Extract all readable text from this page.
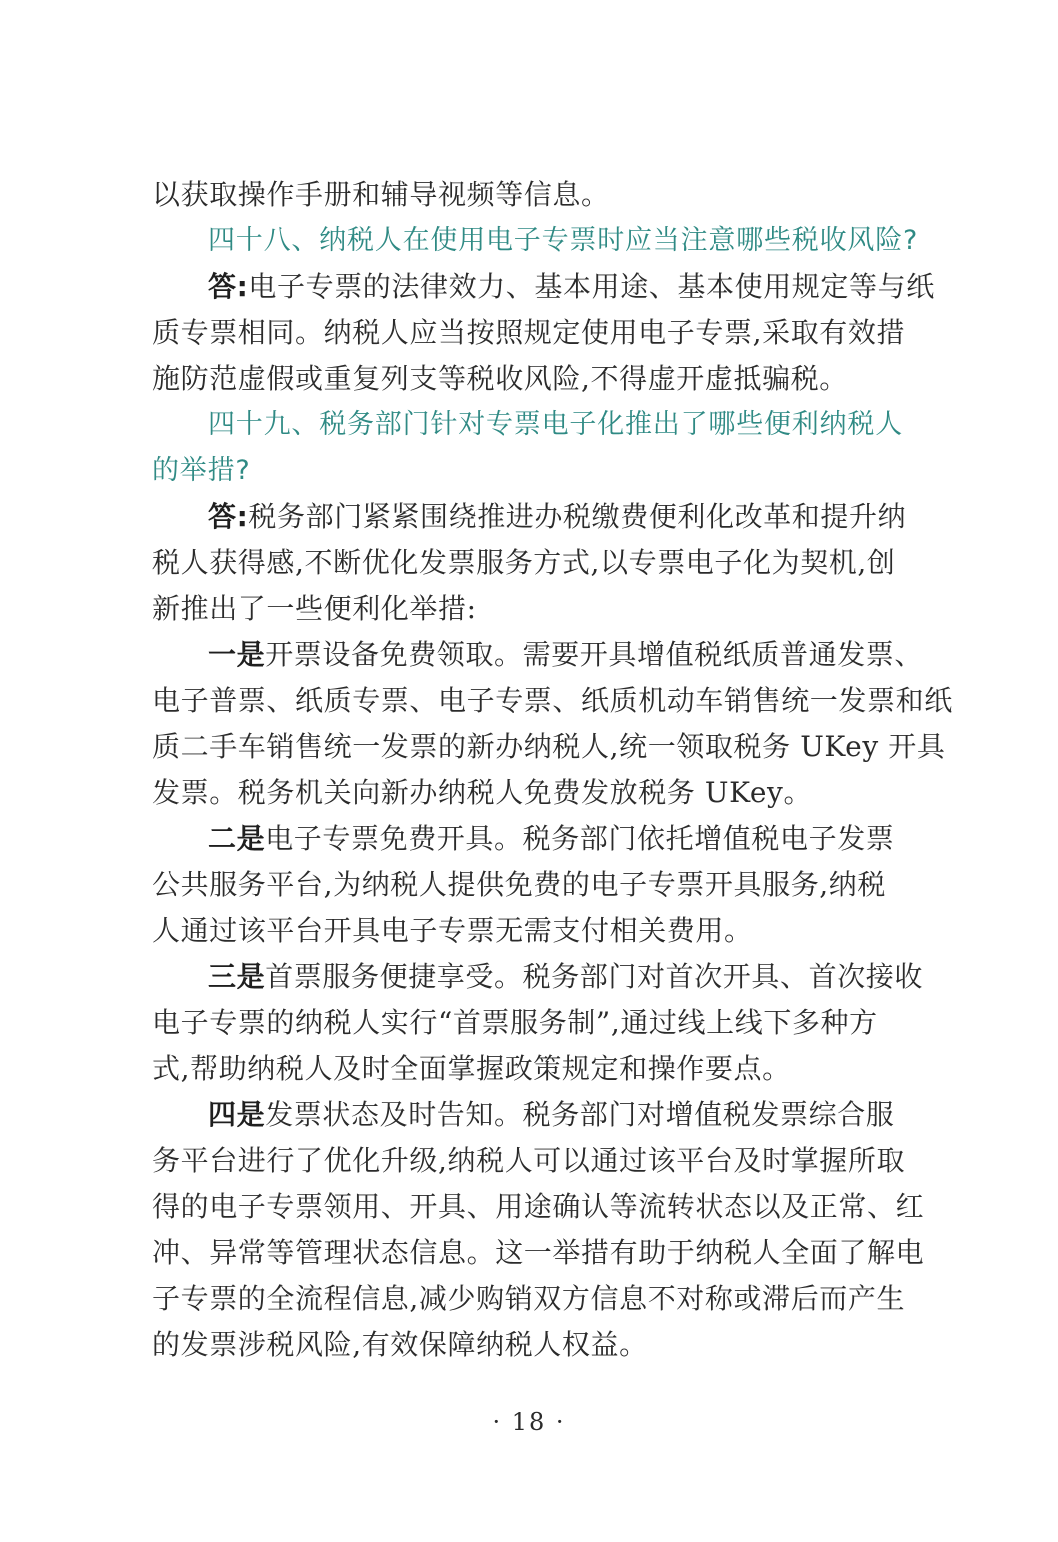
以获取操作手册和辅导视频等信息。
四十八、纳税人在使用电子专票时应当注意哪些税收风险?
答:电子专票的法律效力、基本用途、基本使用规定等与纸
质专票相同。纳税人应当按照规定使用电子专票,采取有效措
施防范虚假或重复列支等税收风险,不得虚开虚抵骗税。
四十九、税务部门针对专票电子化推出了哪些便利纳税人
的举措?
答:税务部门紧紧围绕推进办税缴费便利化改革和提升纳
税人获得感,不断优化发票服务方式,以专票电子化为契机,创
新推出了一些便利化举措:
一是开票设备免费领取。需要开具增值税纸质普通发票、
电子普票、纸质专票、电子专票、纸质机动车销售统一发票和纸
质二手车销售统一发票的新办纳税人,统一领取税务 UKey 开具
发票。税务机关向新办纳税人免费发放税务 UKey。
二是电子专票免费开具。税务部门依托增值税电子发票
公共服务平台,为纳税人提供免费的电子专票开具服务,纳税
人通过该平台开具电子专票无需支付相关费用。
三是首票服务便捷享受。税务部门对首次开具、首次接收
电子专票的纳税人实行“首票服务制”,通过线上线下多种方
式,帮助纳税人及时全面掌握政策规定和操作要点。
四是发票状态及时告知。税务部门对增值税发票综合服
务平台进行了优化升级,纳税人可以通过该平台及时掌握所取
得的电子专票领用、开具、用途确认等流转状态以及正常、红
冲、异常等管理状态信息。这一举措有助于纳税人全面了解电
子专票的全流程信息,减少购销双方信息不对称或滞后而产生
的发票涉税风险,有效保障纳税人权益。
· 18 ·
